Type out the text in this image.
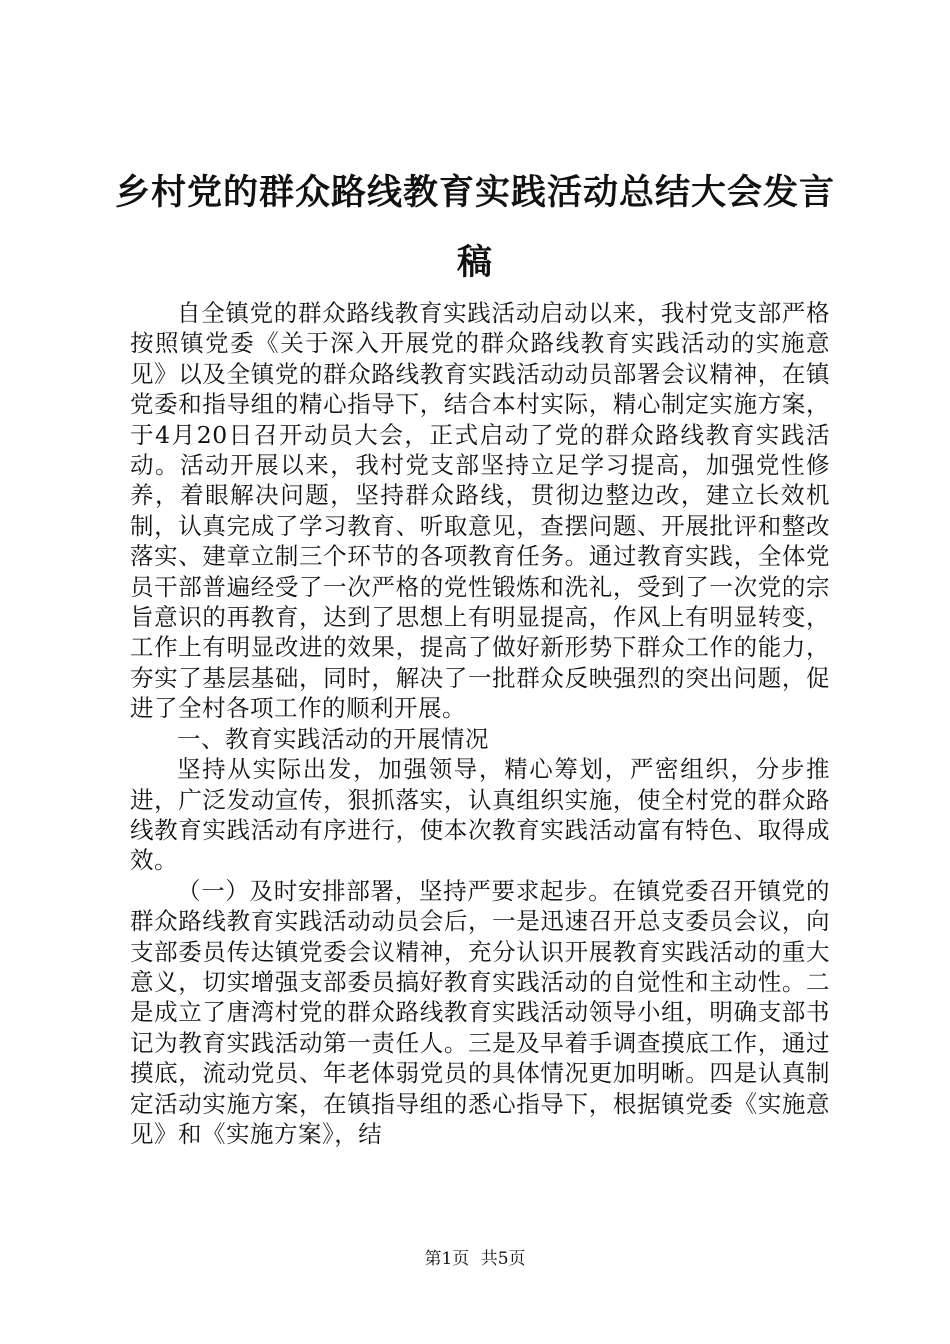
乡村党的群众路线教育实践活动总结大会发言稿

自全镇党的群众路线教育实践活动启动以来，我村党支部严格按照镇党委《关于深入开展党的群众路线教育实践活动的实施意见》以及全镇党的群众路线教育实践活动动员部署会议精神，在镇党委和指导组的精心指导下，结合本村实际，精心制定实施方案，于4月20日召开动员大会，正式启动了党的群众路线教育实践活动。活动开展以来，我村党支部坚持立足学习提高，加强党性修养，着眼解决问题，坚持群众路线，贯彻边整边改，建立长效机制，认真完成了学习教育、听取意见，查摆问题、开展批评和整改落实、建章立制三个环节的各项教育任务。通过教育实践，全体党员干部普遍经受了一次严格的党性锻炼和洗礼，受到了一次党的宗旨意识的再教育，达到了思想上有明显提高，作风上有明显转变，工作上有明显改进的效果，提高了做好新形势下群众工作的能力，夯实了基层基础，同时，解决了一批群众反映强烈的突出问题，促进了全村各项工作的顺利开展。

一、教育实践活动的开展情况

坚持从实际出发，加强领导，精心筹划，严密组织，分步推进，广泛发动宣传，狠抓落实，认真组织实施，使全村党的群众路线教育实践活动有序进行，使本次教育实践活动富有特色、取得成效。

（一）及时安排部署，坚持严要求起步。在镇党委召开镇党的群众路线教育实践活动动员会后，一是迅速召开总支委员会议，向支部委员传达镇党委会议精神，充分认识开展教育实践活动的重大意义，切实增强支部委员搞好教育实践活动的自觉性和主动性。二是成立了唐湾村党的群众路线教育实践活动领导小组，明确支部书记为教育实践活动第一责任人。三是及早着手调查摸底工作，通过摸底，流动党员、年老体弱党员的具体情况更加明晰。四是认真制定活动实施方案，在镇指导组的悉心指导下，根据镇党委《实施意见》和《实施方案》，结

第1页 共5页
